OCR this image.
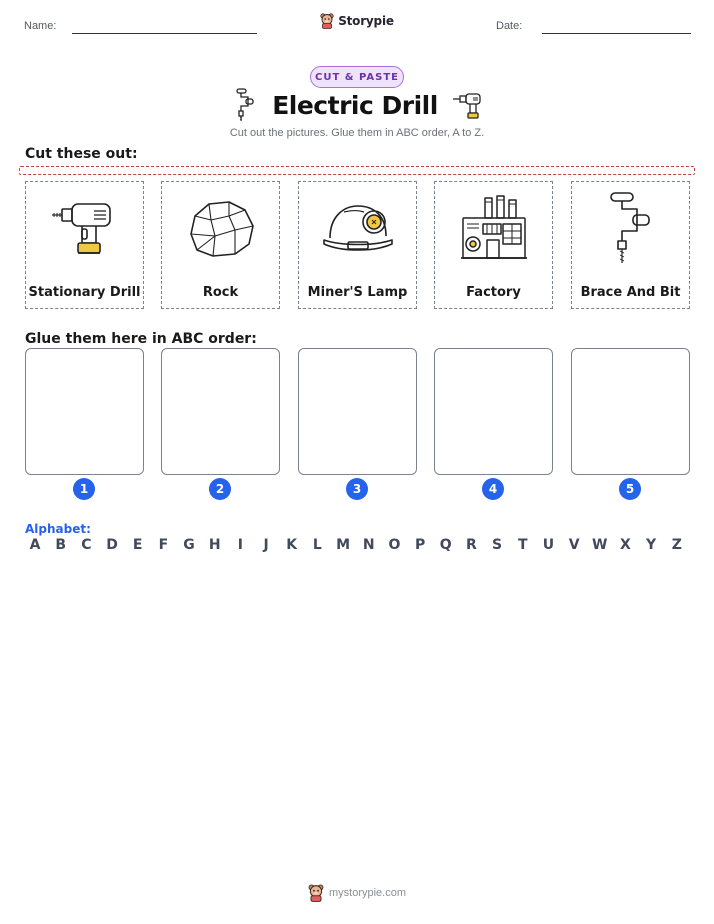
Name:	Storypie	Date:
CUT & PASTE
Electric Drill
Cut out the pictures. Glue them in ABC order, A to Z.
Cut these out:
Stationary Drill	Rock	Miner'S Lamp	Factory	Brace And Bit
Glue them here in ABC order:
1	2	3	4	5
Alphabet:
A	B	C	D	E	F	G	H	I	J	K	L	M N O	P	Q	R	S	T	U	V W X	Y	Z
mystorypie.com
